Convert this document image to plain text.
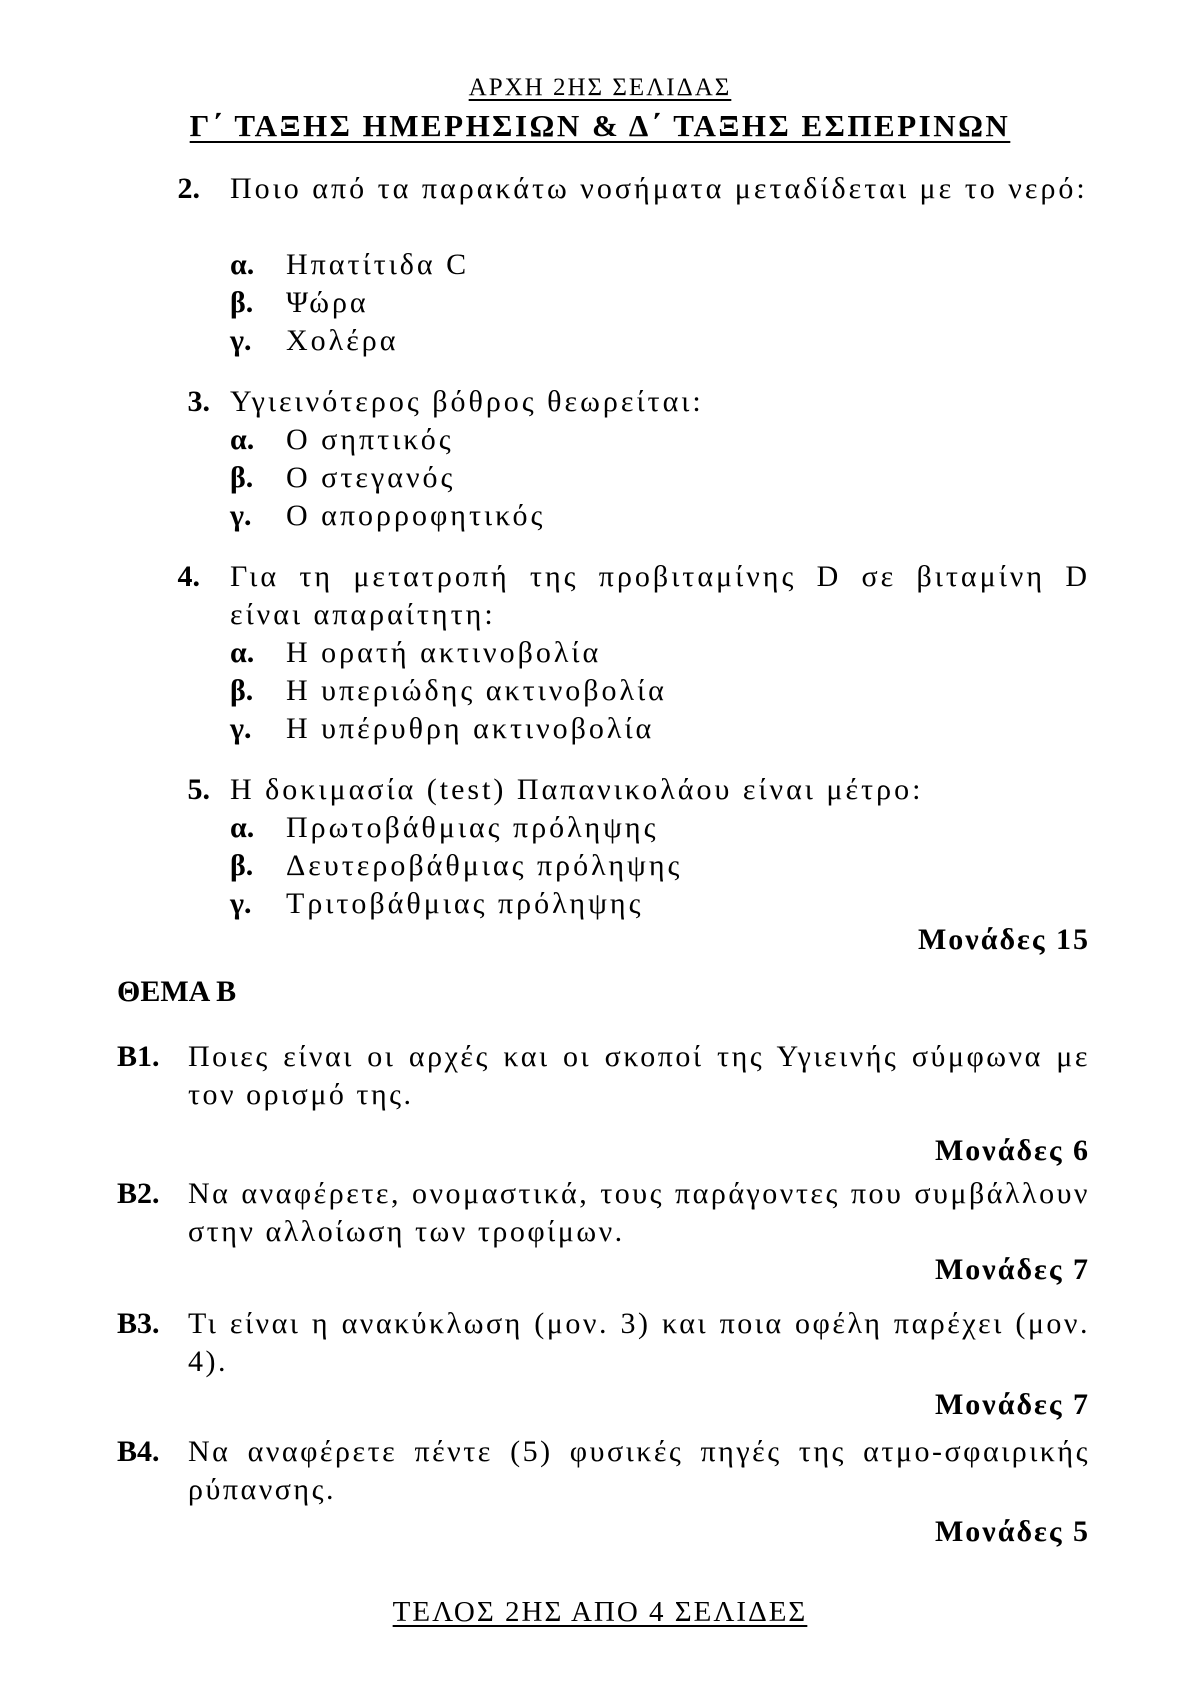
ΑΡΧΗ 2ΗΣ ΣΕΛΙΔΑΣ
Γ΄ ΤΑΞΗΣ ΗΜΕΡΗΣΙΩΝ & Δ΄ ΤΑΞΗΣ ΕΣΠΕΡΙΝΩΝ
2. Ποιο από τα παρακάτω νοσήματα μεταδίδεται με το νερό:
α. Ηπατίτιδα C
β. Ψώρα
γ. Χολέρα
3. Υγιεινότερος βόθρος θεωρείται:
α. Ο σηπτικός
β. Ο στεγανός
γ. Ο απορροφητικός
4. Για τη μετατροπή της προβιταμίνης D σε βιταμίνη D είναι απαραίτητη:
α. Η ορατή ακτινοβολία
β. Η υπεριώδης ακτινοβολία
γ. Η υπέρυθρη ακτινοβολία
5. Η δοκιμασία (test) Παπανικολάου είναι μέτρο:
α. Πρωτοβάθμιας πρόληψης
β. Δευτεροβάθμιας πρόληψης
γ. Τριτοβάθμιας πρόληψης
Μονάδες 15
ΘΕΜΑ Β
Β1. Ποιες είναι οι αρχές και οι σκοποί της Υγιεινής σύμφωνα με τον ορισμό της.
Μονάδες 6
Β2. Να αναφέρετε, ονομαστικά, τους παράγοντες που συμβάλλουν στην αλλοίωση των τροφίμων.
Μονάδες 7
Β3. Τι είναι η ανακύκλωση (μον. 3) και ποια οφέλη παρέχει (μον. 4).
Μονάδες 7
Β4. Να αναφέρετε πέντε (5) φυσικές πηγές της ατμο-σφαιρικής ρύπανσης.
Μονάδες 5
ΤΕΛΟΣ 2ΗΣ ΑΠΟ 4 ΣΕΛΙΔΕΣ
